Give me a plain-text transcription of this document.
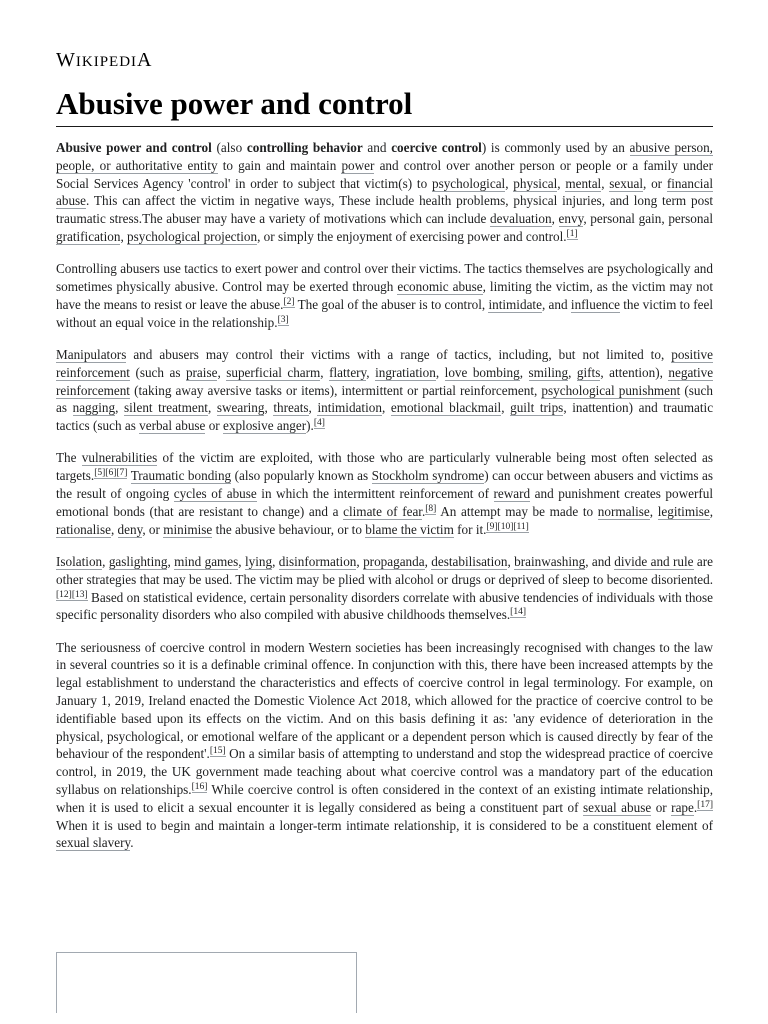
WIKIPEDIA
Abusive power and control

Abusive power and control (also controlling behavior and coercive control) is commonly used by an abusive person, people, or authoritative entity to gain and maintain power and control over another person or people or a family under Social Services Agency 'control' in order to subject that victim(s) to psychological, physical, mental, sexual, or financial abuse. This can affect the victim in negative ways, These include health problems, physical injuries, and long term post traumatic stress.The abuser may have a variety of motivations which can include devaluation, envy, personal gain, personal gratification, psychological projection, or simply the enjoyment of exercising power and control.[1]

Controlling abusers use tactics to exert power and control over their victims. The tactics themselves are psychologically and sometimes physically abusive. Control may be exerted through economic abuse, limiting the victim, as the victim may not have the means to resist or leave the abuse.[2] The goal of the abuser is to control, intimidate, and influence the victim to feel without an equal voice in the relationship.[3]

Manipulators and abusers may control their victims with a range of tactics, including, but not limited to, positive reinforcement (such as praise, superficial charm, flattery, ingratiation, love bombing, smiling, gifts, attention), negative reinforcement (taking away aversive tasks or items), intermittent or partial reinforcement, psychological punishment (such as nagging, silent treatment, swearing, threats, intimidation, emotional blackmail, guilt trips, inattention) and traumatic tactics (such as verbal abuse or explosive anger).[4]

The vulnerabilities of the victim are exploited, with those who are particularly vulnerable being most often selected as targets.[5][6][7] Traumatic bonding (also popularly known as Stockholm syndrome) can occur between abusers and victims as the result of ongoing cycles of abuse in which the intermittent reinforcement of reward and punishment creates powerful emotional bonds (that are resistant to change) and a climate of fear.[8] An attempt may be made to normalise, legitimise, rationalise, deny, or minimise the abusive behaviour, or to blame the victim for it.[9][10][11]

Isolation, gaslighting, mind games, lying, disinformation, propaganda, destabilisation, brainwashing, and divide and rule are other strategies that may be used. The victim may be plied with alcohol or drugs or deprived of sleep to become disoriented.[12][13] Based on statistical evidence, certain personality disorders correlate with abusive tendencies of individuals with those specific personality disorders who also compiled with abusive childhoods themselves.[14]

The seriousness of coercive control in modern Western societies has been increasingly recognised with changes to the law in several countries so it is a definable criminal offence. In conjunction with this, there have been increased attempts by the legal establishment to understand the characteristics and effects of coercive control in legal terminology. For example, on January 1, 2019, Ireland enacted the Domestic Violence Act 2018, which allowed for the practice of coercive control to be identifiable based upon its effects on the victim. And on this basis defining it as: 'any evidence of deterioration in the physical, psychological, or emotional welfare of the applicant or a dependent person which is caused directly by fear of the behaviour of the respondent'.[15] On a similar basis of attempting to understand and stop the widespread practice of coercive control, in 2019, the UK government made teaching about what coercive control was a mandatory part of the education syllabus on relationships.[16] While coercive control is often considered in the context of an existing intimate relationship, when it is used to elicit a sexual encounter it is legally considered as being a constituent part of sexual abuse or rape.[17] When it is used to begin and maintain a longer-term intimate relationship, it is considered to be a constituent element of sexual slavery.
